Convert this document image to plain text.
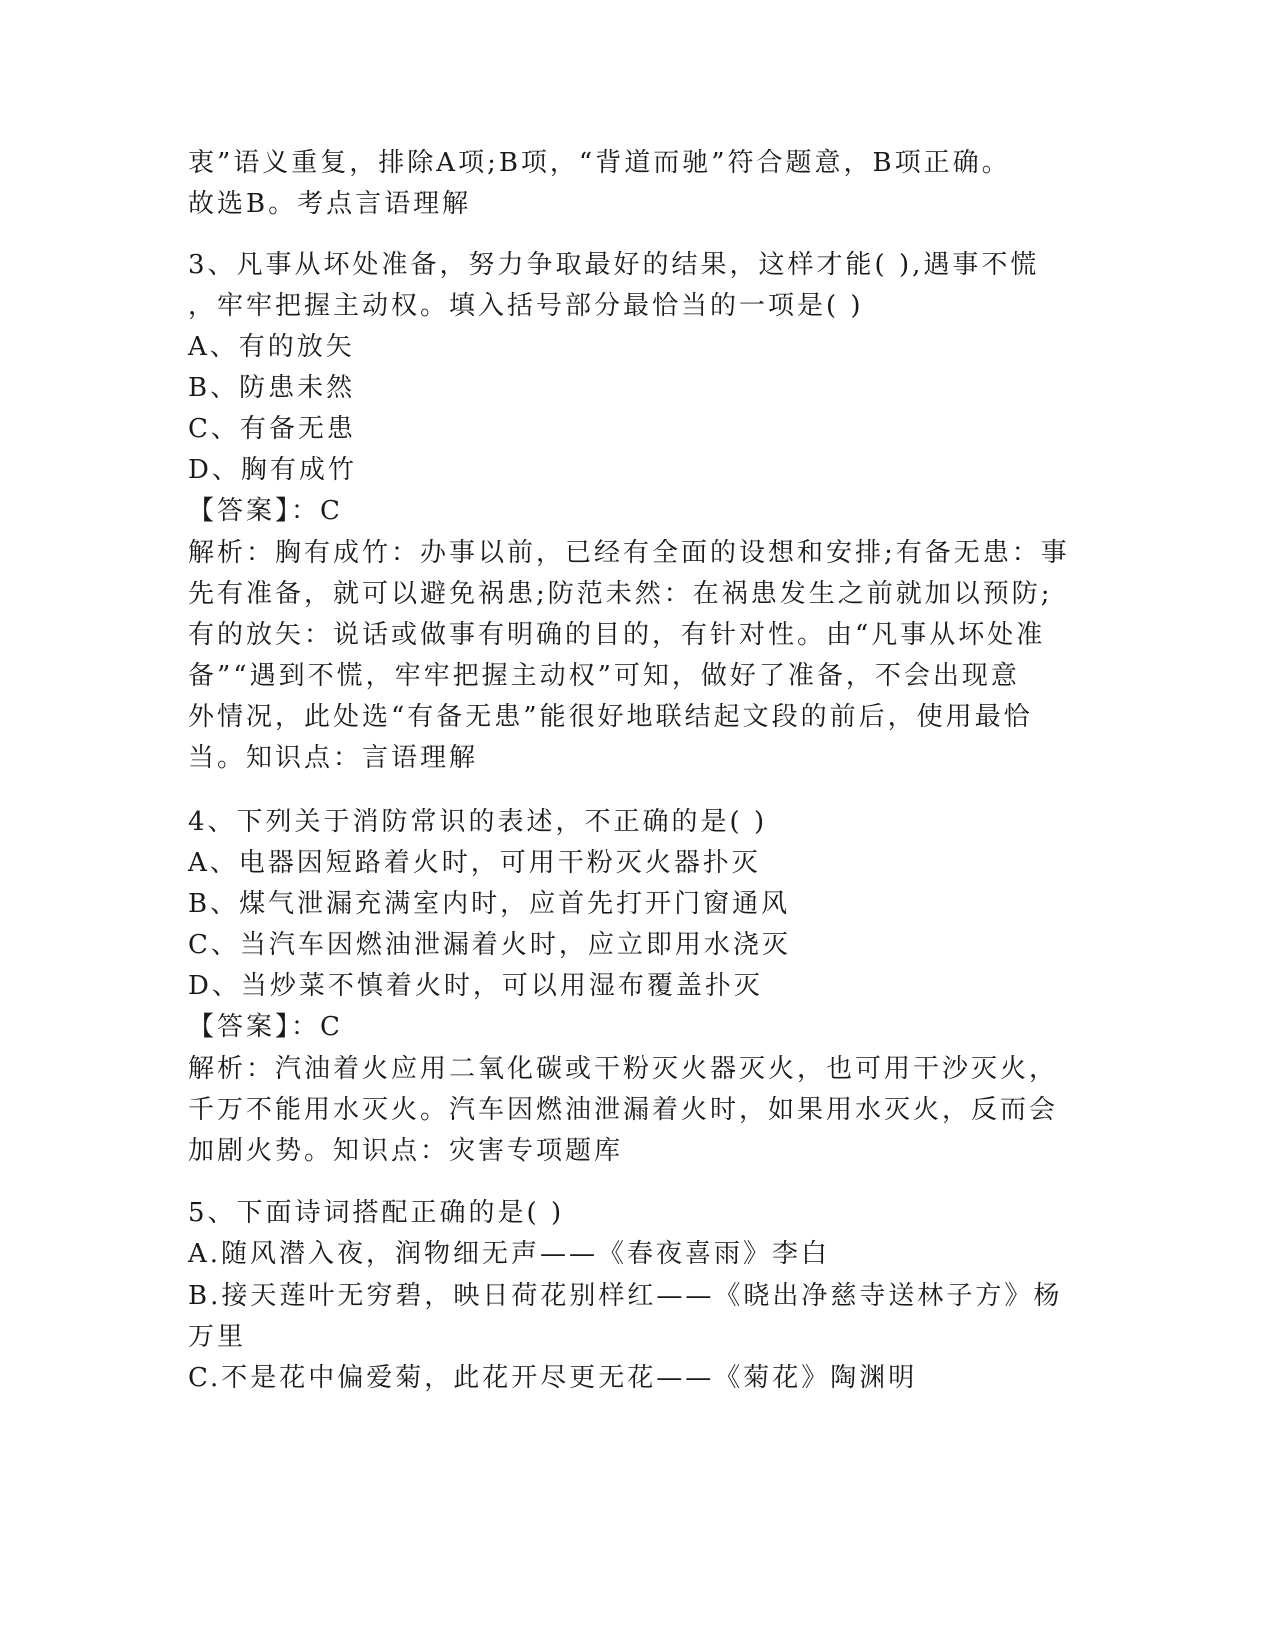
衷”语义重复，排除A项;B项，“背道而驰”符合题意，B项正确。
故选B。考点言语理解
3、凡事从坏处准备，努力争取最好的结果，这样才能( ),遇事不慌
，牢牢把握主动权。填入括号部分最恰当的一项是( )
A、有的放矢
B、防患未然
C、有备无患
D、胸有成竹
【答案】：C
解析：胸有成竹：办事以前，已经有全面的设想和安排;有备无患：事
先有准备，就可以避免祸患;防范未然：在祸患发生之前就加以预防;
有的放矢：说话或做事有明确的目的，有针对性。由“凡事从坏处准
备”“遇到不慌，牢牢把握主动权”可知，做好了准备，不会出现意
外情况，此处选“有备无患”能很好地联结起文段的前后，使用最恰
当。知识点：言语理解
4、下列关于消防常识的表述，不正确的是( )
A、电器因短路着火时，可用干粉灭火器扑灭
B、煤气泄漏充满室内时，应首先打开门窗通风
C、当汽车因燃油泄漏着火时，应立即用水浇灭
D、当炒菜不慎着火时，可以用湿布覆盖扑灭
【答案】：C
解析：汽油着火应用二氧化碳或干粉灭火器灭火，也可用干沙灭火，
千万不能用水灭火。汽车因燃油泄漏着火时，如果用水灭火，反而会
加剧火势。知识点：灾害专项题库
5、下面诗词搭配正确的是( )
A.随风潜入夜，润物细无声——《春夜喜雨》李白
B.接天莲叶无穷碧，映日荷花别样红——《晓出净慈寺送林子方》杨
万里
C.不是花中偏爱菊，此花开尽更无花——《菊花》陶渊明
